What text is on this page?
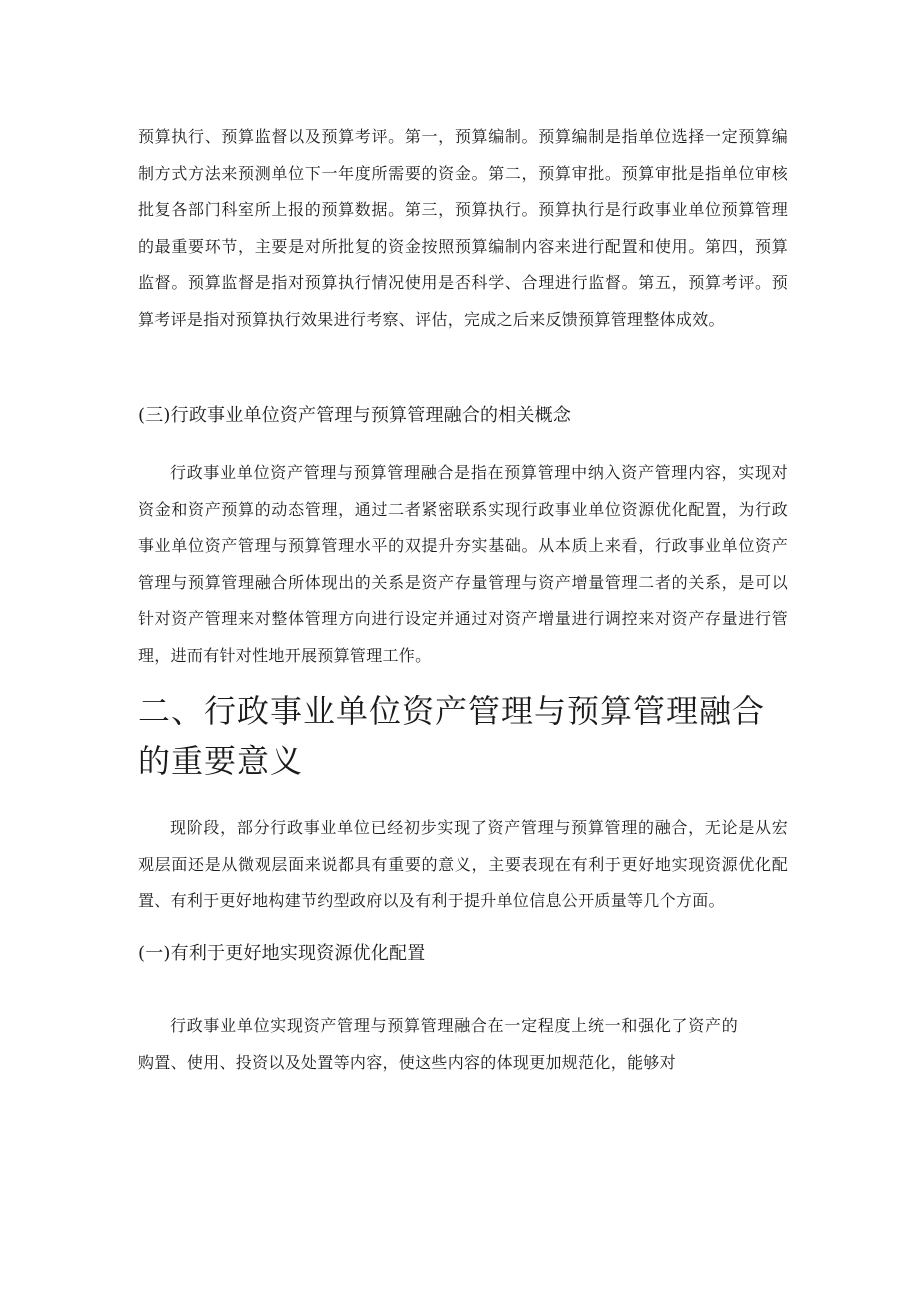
预算执行、预算监督以及预算考评。第一，预算编制。预算编制是指单位选择一定预算编制方式方法来预测单位下一年度所需要的资金。第二，预算审批。预算审批是指单位审核批复各部门科室所上报的预算数据。第三，预算执行。预算执行是行政事业单位预算管理的最重要环节，主要是对所批复的资金按照预算编制内容来进行配置和使用。第四，预算监督。预算监督是指对预算执行情况使用是否科学、合理进行监督。第五，预算考评。预算考评是指对预算执行效果进行考察、评估，完成之后来反馈预算管理整体成效。

(三)行政事业单位资产管理与预算管理融合的相关概念

行政事业单位资产管理与预算管理融合是指在预算管理中纳入资产管理内容，实现对资金和资产预算的动态管理，通过二者紧密联系实现行政事业单位资源优化配置，为行政事业单位资产管理与预算管理水平的双提升夯实基础。从本质上来看，行政事业单位资产管理与预算管理融合所体现出的关系是资产存量管理与资产增量管理二者的关系，是可以针对资产管理来对整体管理方向进行设定并通过对资产增量进行调控来对资产存量进行管理，进而有针对性地开展预算管理工作。

二、行政事业单位资产管理与预算管理融合的重要意义

现阶段，部分行政事业单位已经初步实现了资产管理与预算管理的融合，无论是从宏观层面还是从微观层面来说都具有重要的意义，主要表现在有利于更好地实现资源优化配置、有利于更好地构建节约型政府以及有利于提升单位信息公开质量等几个方面。

(一)有利于更好地实现资源优化配置

行政事业单位实现资产管理与预算管理融合在一定程度上统一和强化了资产的购置、使用、投资以及处置等内容，使这些内容的体现更加规范化，能够对
